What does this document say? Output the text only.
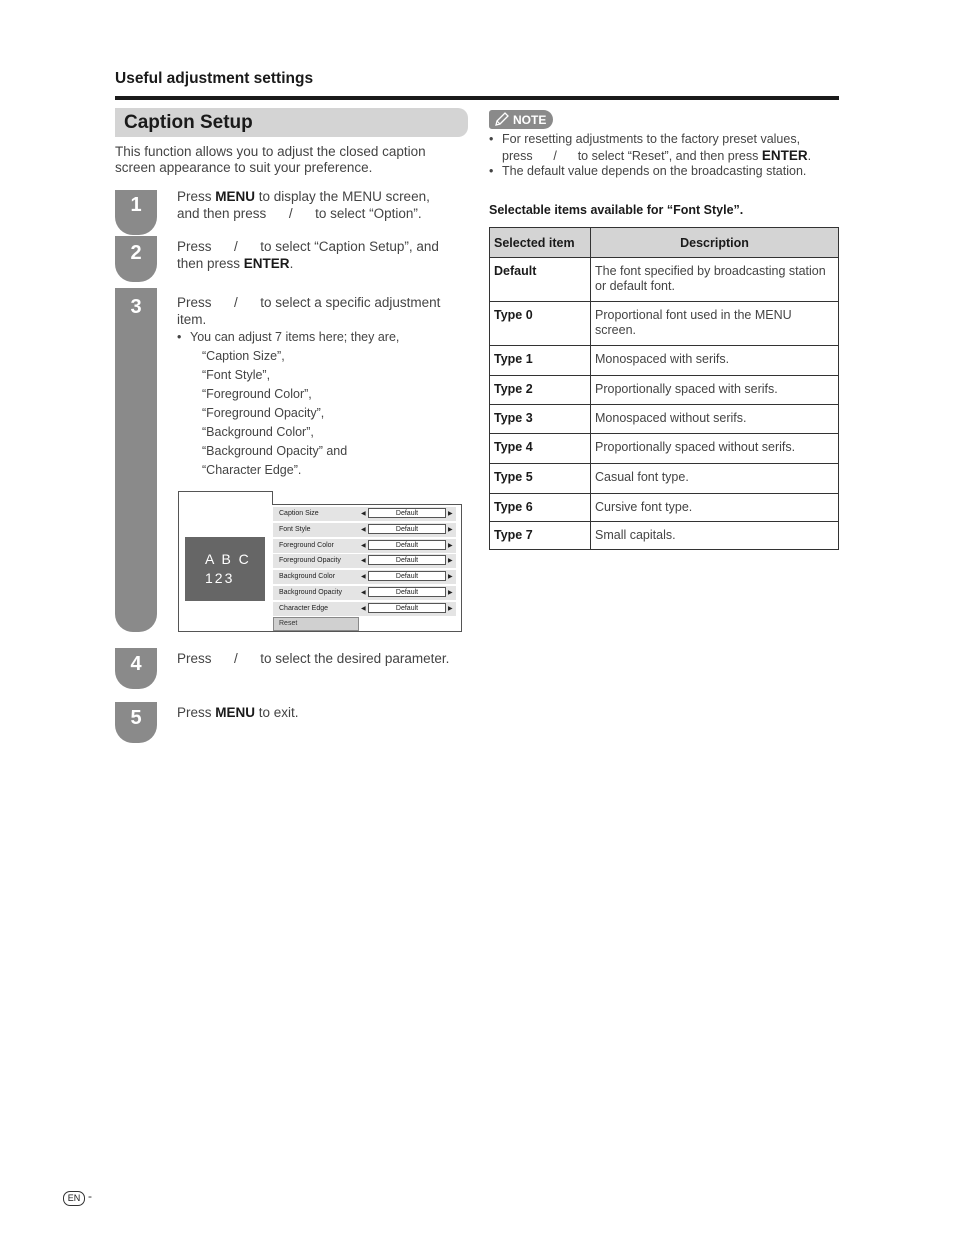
Useful adjustment settings
Caption Setup
This function allows you to adjust the closed caption screen appearance to suit your preference.
1	Press MENU to display the MENU screen,
and then press      /      to select “Option”.
2	Press      /      to select “Caption Setup”, and
then press ENTER.
3	Press      /      to select a specific adjustment
item.
• You can adjust 7 items here; they are,
“Caption Size”,
“Font Style”,
“Foreground Color”,
“Foreground Opacity”,
“Background Color”,
“Background Opacity” and
“Character Edge”.
A B C
123
Caption Size	◀	Default	▶
Font Style	◀	Default	▶
Foreground Color	◀	Default	▶
Foreground Opacity	◀	Default	▶
Background Color	◀	Default	▶
Background Opacity	◀	Default	▶
Character Edge	◀	Default	▶
Reset
4	Press      /      to select the desired parameter.
5	Press MENU to exit.
NOTE
• For resetting adjustments to the factory preset values,
press      /      to select “Reset”, and then press ENTER.
• The default value depends on the broadcasting station.
Selectable items available for “Font Style”.
Selected item	Description
Default	The font specified by broadcasting station or default font.
Type 0	Proportional font used in the MENU screen.
Type 1	Monospaced with serifs.
Type 2	Proportionally spaced with serifs.
Type 3	Monospaced without serifs.
Type 4	Proportionally spaced without serifs.
Type 5	Casual font type.
Type 6	Cursive font type.
Type 7	Small capitals.
EN -
